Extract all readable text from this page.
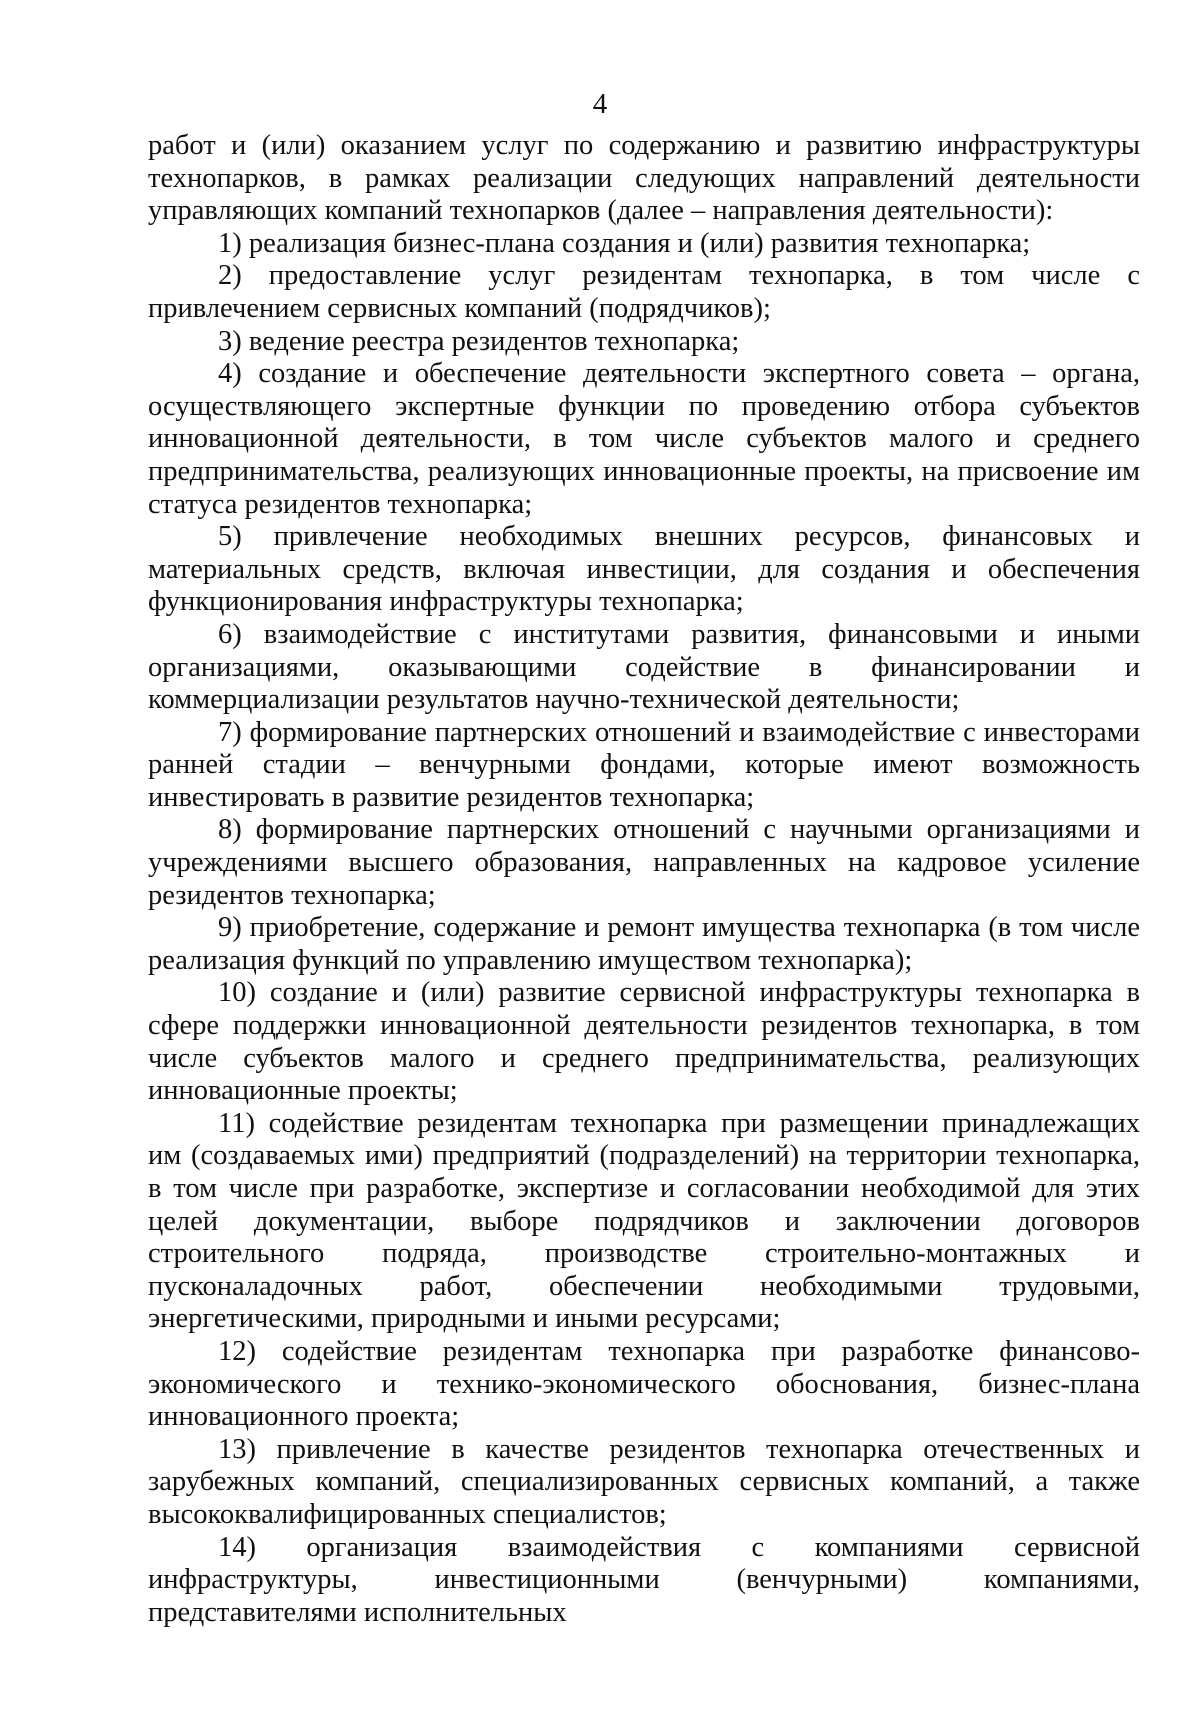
4

работ и (или) оказанием услуг по содержанию и развитию инфраструктуры технопарков, в рамках реализации следующих направлений деятельности управляющих компаний технопарков (далее – направления деятельности):

1) реализация бизнес-плана создания и (или) развития технопарка;

2) предоставление услуг резидентам технопарка, в том числе с привлечением сервисных компаний (подрядчиков);

3) ведение реестра резидентов технопарка;

4) создание и обеспечение деятельности экспертного совета – органа, осуществляющего экспертные функции по проведению отбора субъектов инновационной деятельности, в том числе субъектов малого и среднего предпринимательства, реализующих инновационные проекты, на присвоение им статуса резидентов технопарка;

5) привлечение необходимых внешних ресурсов, финансовых и материальных средств, включая инвестиции, для создания и обеспечения функционирования инфраструктуры технопарка;

6) взаимодействие с институтами развития, финансовыми и иными организациями, оказывающими содействие в финансировании и коммерциализации результатов научно-технической деятельности;

7) формирование партнерских отношений и взаимодействие с инвесторами ранней стадии – венчурными фондами, которые имеют возможность инвестировать в развитие резидентов технопарка;

8) формирование партнерских отношений с научными организациями и учреждениями высшего образования, направленных на кадровое усиление резидентов технопарка;

9) приобретение, содержание и ремонт имущества технопарка (в том числе реализация функций по управлению имуществом технопарка);

10) создание и (или) развитие сервисной инфраструктуры технопарка в сфере поддержки инновационной деятельности резидентов технопарка, в том числе субъектов малого и среднего предпринимательства, реализующих инновационные проекты;

11) содействие резидентам технопарка при размещении принадлежащих им (создаваемых ими) предприятий (подразделений) на территории технопарка, в том числе при разработке, экспертизе и согласовании необходимой для этих целей документации, выборе подрядчиков и заключении договоров строительного подряда, производстве строительно-монтажных и пусконаладочных работ, обеспечении необходимыми трудовыми, энергетическими, природными и иными ресурсами;

12) содействие резидентам технопарка при разработке финансово-экономического и технико-экономического обоснования, бизнес-плана инновационного проекта;

13) привлечение в качестве резидентов технопарка отечественных и зарубежных компаний, специализированных сервисных компаний, а также высококвалифицированных специалистов;

14) организация взаимодействия с компаниями сервисной инфраструктуры, инвестиционными (венчурными) компаниями, представителями исполнительных
